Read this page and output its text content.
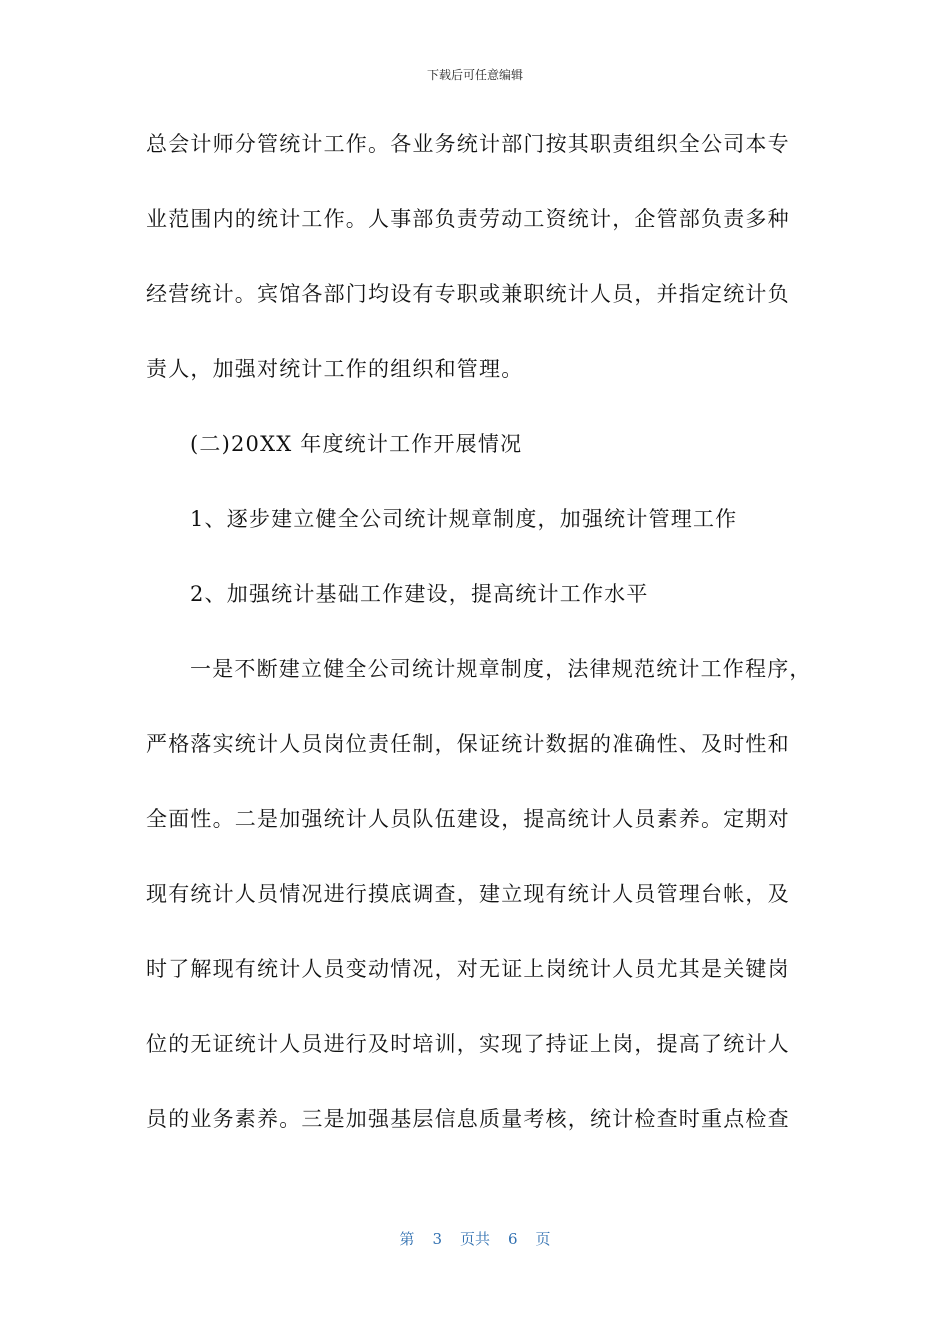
下载后可任意编辑
总会计师分管统计工作。各业务统计部门按其职责组织全公司本专
业范围内的统计工作。人事部负责劳动工资统计，企管部负责多种
经营统计。宾馆各部门均设有专职或兼职统计人员，并指定统计负
责人，加强对统计工作的组织和管理。
(二)20XX 年度统计工作开展情况
1、逐步建立健全公司统计规章制度，加强统计管理工作
2、加强统计基础工作建设，提高统计工作水平
一是不断建立健全公司统计规章制度，法律规范统计工作程序，
严格落实统计人员岗位责任制，保证统计数据的准确性、及时性和
全面性。二是加强统计人员队伍建设，提高统计人员素养。定期对
现有统计人员情况进行摸底调查，建立现有统计人员管理台帐，及
时了解现有统计人员变动情况，对无证上岗统计人员尤其是关键岗
位的无证统计人员进行及时培训，实现了持证上岗，提高了统计人
员的业务素养。三是加强基层信息质量考核，统计检查时重点检查
第 3 页共 6 页
